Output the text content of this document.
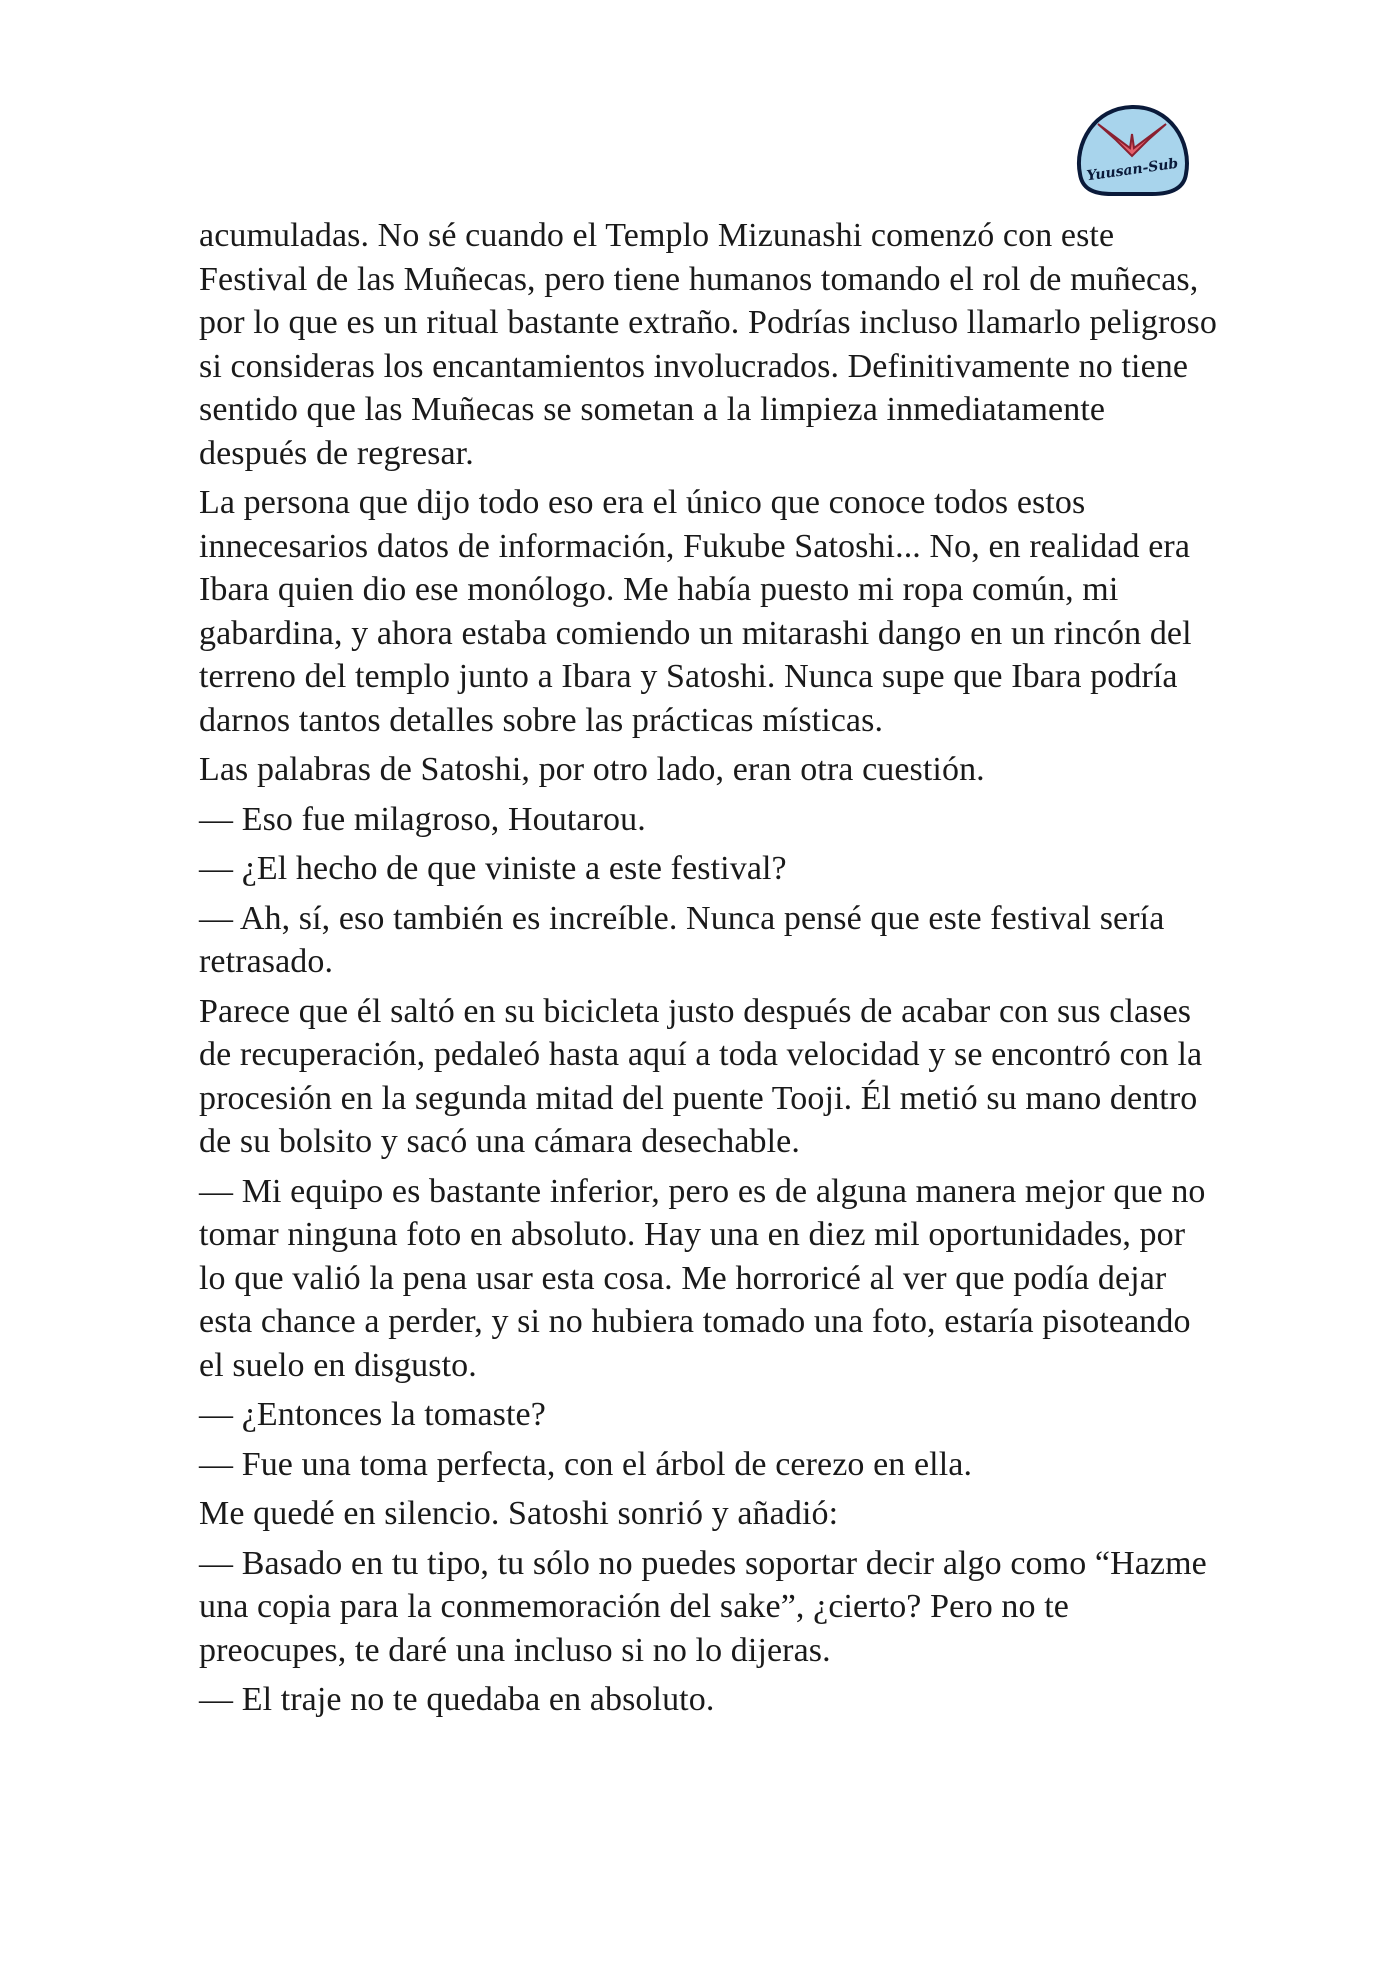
Yuusan-Sub

acumuladas. No sé cuando el Templo Mizunashi comenzó con este Festival de las Muñecas, pero tiene humanos tomando el rol de muñecas, por lo que es un ritual bastante extraño. Podrías incluso llamarlo peligroso si consideras los encantamientos involucrados. Definitivamente no tiene sentido que las Muñecas se sometan a la limpieza inmediatamente después de regresar.

La persona que dijo todo eso era el único que conoce todos estos innecesarios datos de información, Fukube Satoshi... No, en realidad era Ibara quien dio ese monólogo. Me había puesto mi ropa común, mi gabardina, y ahora estaba comiendo un mitarashi dango en un rincón del terreno del templo junto a Ibara y Satoshi. Nunca supe que Ibara podría darnos tantos detalles sobre las prácticas místicas.

Las palabras de Satoshi, por otro lado, eran otra cuestión.

— Eso fue milagroso, Houtarou.

— ¿El hecho de que viniste a este festival?

— Ah, sí, eso también es increíble. Nunca pensé que este festival sería retrasado.

Parece que él saltó en su bicicleta justo después de acabar con sus clases de recuperación, pedaleó hasta aquí a toda velocidad y se encontró con la procesión en la segunda mitad del puente Tooji. Él metió su mano dentro de su bolsito y sacó una cámara desechable.

— Mi equipo es bastante inferior, pero es de alguna manera mejor que no tomar ninguna foto en absoluto. Hay una en diez mil oportunidades, por lo que valió la pena usar esta cosa. Me horroricé al ver que podía dejar esta chance a perder, y si no hubiera tomado una foto, estaría pisoteando el suelo en disgusto.

— ¿Entonces la tomaste?

— Fue una toma perfecta, con el árbol de cerezo en ella.

Me quedé en silencio. Satoshi sonrió y añadió:

— Basado en tu tipo, tu sólo no puedes soportar decir algo como “Hazme una copia para la conmemoración del sake”, ¿cierto? Pero no te preocupes, te daré una incluso si no lo dijeras.

— El traje no te quedaba en absoluto.
